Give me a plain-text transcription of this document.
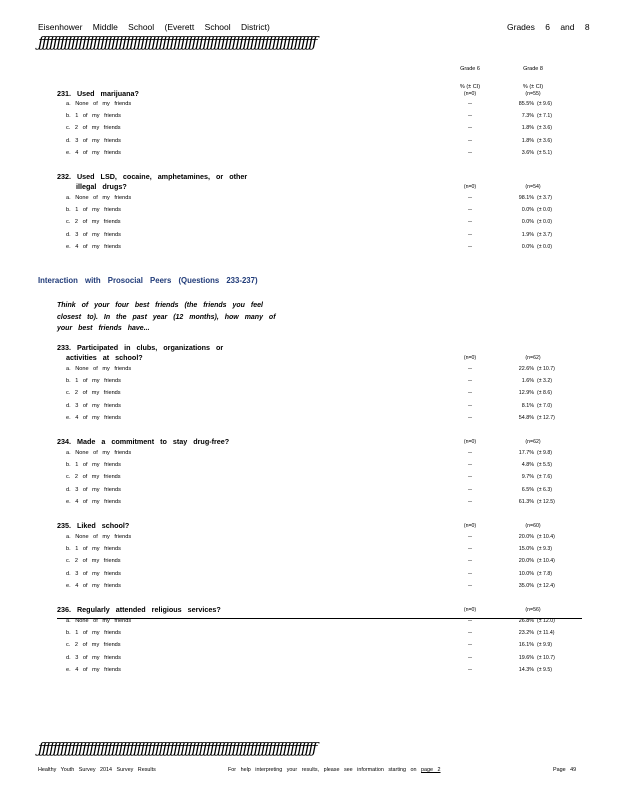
Eisenhower Middle School (Everett School District)	Grades 6 and 8
ƒƒƒƒƒƒƒƒƒƒƒƒƒƒƒƒƒƒƒƒƒƒƒƒƒƒƒƒƒƒƒƒƒƒƒƒƒƒƒƒƒƒƒƒƒƒƒƒƒƒƒƒƒƒƒƒƒƒƒƒƒƒƒƒƒƒƒƒƒƒƒƒƒƒƒƒ
Grade 6	Grade 8
% (± CI)	% (± CI)
231. Used marijuana?	(n=0)	(n=55)
a. None of my friends	--	85.5% (± 9.6)
b. 1 of my friends	--	7.3% (± 7.1)
c. 2 of my friends	--	1.8% (± 3.6)
d. 3 of my friends	--	1.8% (± 3.6)
e. 4 of my friends	--	3.6% (± 5.1)
232. Used LSD, cocaine, amphetamines, or other
illegal drugs?	(n=0)	(n=54)
a. None of my friends	--	98.1% (± 3.7)
b. 1 of my friends	--	0.0% (± 0.0)
c. 2 of my friends	--	0.0% (± 0.0)
d. 3 of my friends	--	1.9% (± 3.7)
e. 4 of my friends	--	0.0% (± 0.0)
Interaction with Prosocial Peers (Questions 233-237)
Think of your four best friends (the friends you feel closest to). In the past year (12 months), how many of your best friends have...
233. Participated in clubs, organizations or
activities at school?	(n=0)	(n=62)
a. None of my friends	--	22.6% (± 10.7)
b. 1 of my friends	--	1.6% (± 3.2)
c. 2 of my friends	--	12.9% (± 8.6)
d. 3 of my friends	--	8.1% (± 7.0)
e. 4 of my friends	--	54.8% (± 12.7)
234. Made a commitment to stay drug-free?	(n=0)	(n=62)
a. None of my friends	--	17.7% (± 9.8)
b. 1 of my friends	--	4.8% (± 5.5)
c. 2 of my friends	--	9.7% (± 7.6)
d. 3 of my friends	--	6.5% (± 6.3)
e. 4 of my friends	--	61.3% (± 12.5)
235. Liked school?	(n=0)	(n=60)
a. None of my friends	--	20.0% (± 10.4)
b. 1 of my friends	--	15.0% (± 9.3)
c. 2 of my friends	--	20.0% (± 10.4)
d. 3 of my friends	--	10.0% (± 7.8)
e. 4 of my friends	--	35.0% (± 12.4)
236. Regularly attended religious services?	(n=0)	(n=56)
a. None of my friends	--	26.8% (± 12.0)
b. 1 of my friends	--	23.2% (± 11.4)
c. 2 of my friends	--	16.1% (± 9.9)
d. 3 of my friends	--	19.6% (± 10.7)
e. 4 of my friends	--	14.3% (± 9.5)
ƒƒƒƒƒƒƒƒƒƒƒƒƒƒƒƒƒƒƒƒƒƒƒƒƒƒƒƒƒƒƒƒƒƒƒƒƒƒƒƒƒƒƒƒƒƒƒƒƒƒƒƒƒƒƒƒƒƒƒƒƒƒƒƒƒƒƒƒƒƒƒƒƒƒƒƒ
Healthy Youth Survey 2014 Survey Results	For help interpreting your results, please see information starting on page 2	Page 49
